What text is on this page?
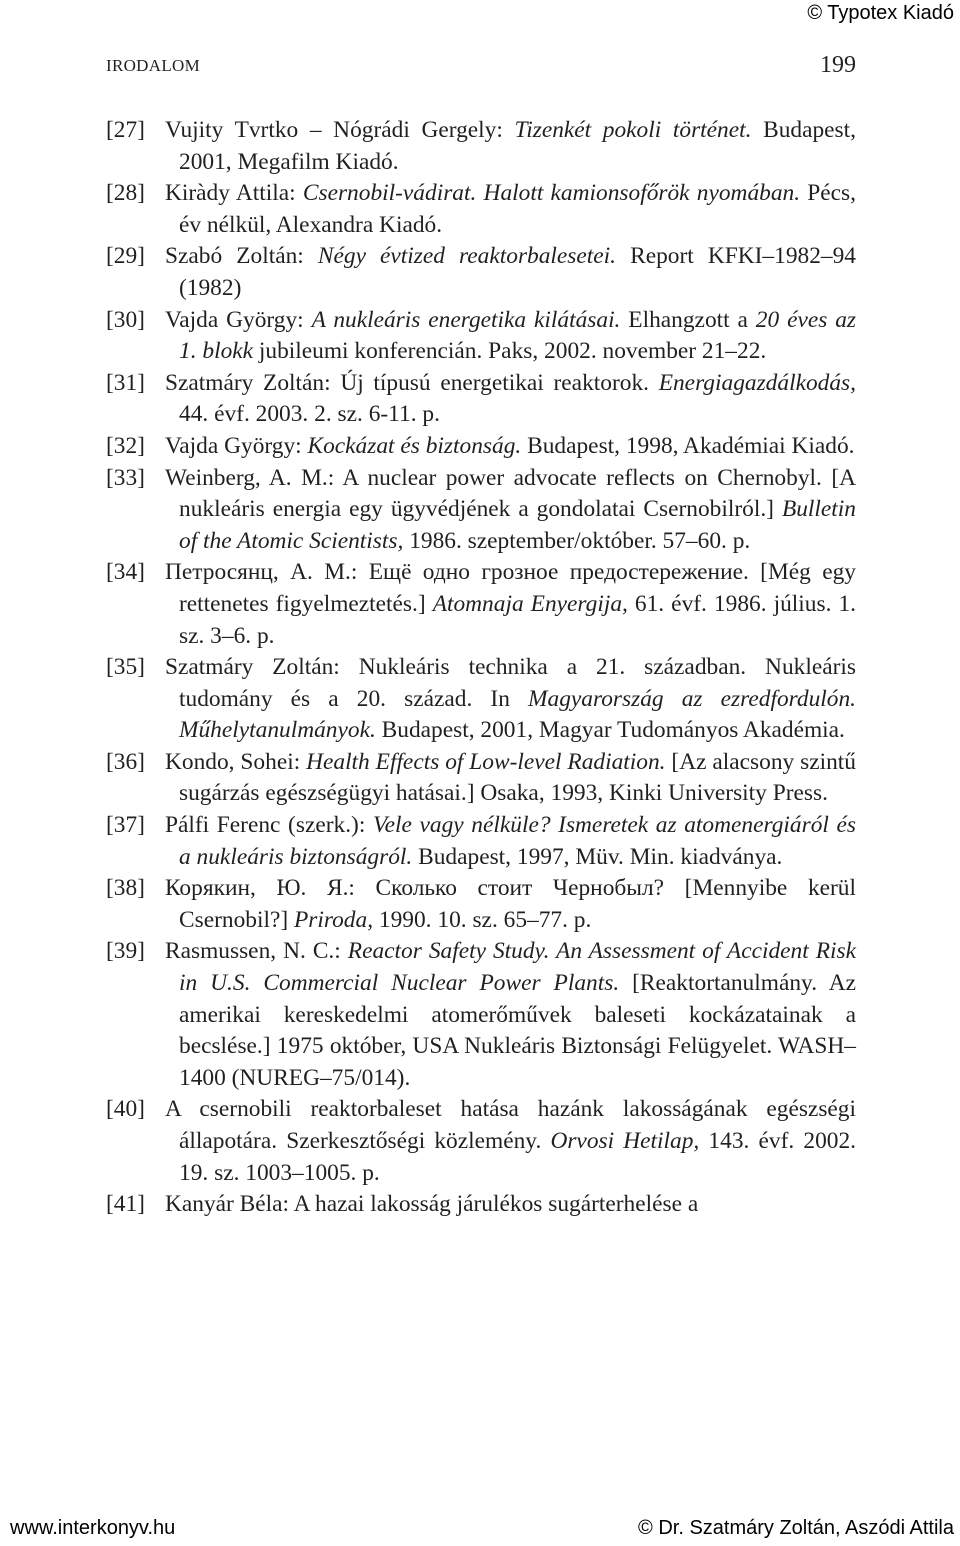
© Typotex Kiadó
IRODALOM	199
[27] Vujity Tvrtko – Nógrádi Gergely: Tizenkét pokoli történet. Budapest, 2001, Megafilm Kiadó.
[28] Kiràdy Attila: Csernobil-vádirat. Halott kamionsofőrök nyomában. Pécs, év nélkül, Alexandra Kiadó.
[29] Szabó Zoltán: Négy évtized reaktorbalesetei. Report KFKI–1982–94 (1982)
[30] Vajda György: A nukleáris energetika kilátásai. Elhangzott a 20 éves az 1. blokk jubileumi konferencián. Paks, 2002. november 21–22.
[31] Szatmáry Zoltán: Új típusú energetikai reaktorok. Energiagazdálkodás, 44. évf. 2003. 2. sz. 6-11. p.
[32] Vajda György: Kockázat és biztonság. Budapest, 1998, Akadémiai Kiadó.
[33] Weinberg, A. M.: A nuclear power advocate reflects on Chernobyl. [A nukleáris energia egy ügyvédjének a gondolatai Csernobilról.] Bulletin of the Atomic Scientists, 1986. szeptember/október. 57–60. p.
[34] Петросянц, А. М.: Ещё одно грозное предостережение. [Még egy rettenetes figyelmeztetés.] Atomnaja Enyergija, 61. évf. 1986. július. 1. sz. 3–6. p.
[35] Szatmáry Zoltán: Nukleáris technika a 21. században. Nukleáris tudomány és a 20. század. In Magyarország az ezredfordulón. Műhelytanulmányok. Budapest, 2001, Magyar Tudományos Akadémia.
[36] Kondo, Sohei: Health Effects of Low-level Radiation. [Az alacsony szintű sugárzás egészségügyi hatásai.] Osaka, 1993, Kinki University Press.
[37] Pálfi Ferenc (szerk.): Vele vagy nélküle? Ismeretek az atomenergiáról és a nukleáris biztonságról. Budapest, 1997, Müv. Min. kiadványa.
[38] Корякин, Ю. Я.: Сколько стоит Чернобыл? [Mennyibe kerül Csernobil?] Priroda, 1990. 10. sz. 65–77. p.
[39] Rasmussen, N. C.: Reactor Safety Study. An Assessment of Accident Risk in U.S. Commercial Nuclear Power Plants. [Reaktortanulmány. Az amerikai kereskedelmi atomerőművek baleseti kockázatainak a becslése.] 1975 október, USA Nukleáris Biztonsági Felügyelet. WASH–1400 (NUREG–75/014).
[40] A csernobili reaktorbaleset hatása hazánk lakosságának egészségi állapotára. Szerkesztőségi közlemény. Orvosi Hetilap, 143. évf. 2002. 19. sz. 1003–1005. p.
[41] Kanyár Béla: A hazai lakosság járulékos sugárterhelése a
www.interkonyv.hu	© Dr. Szatmáry Zoltán, Aszódi Attila
